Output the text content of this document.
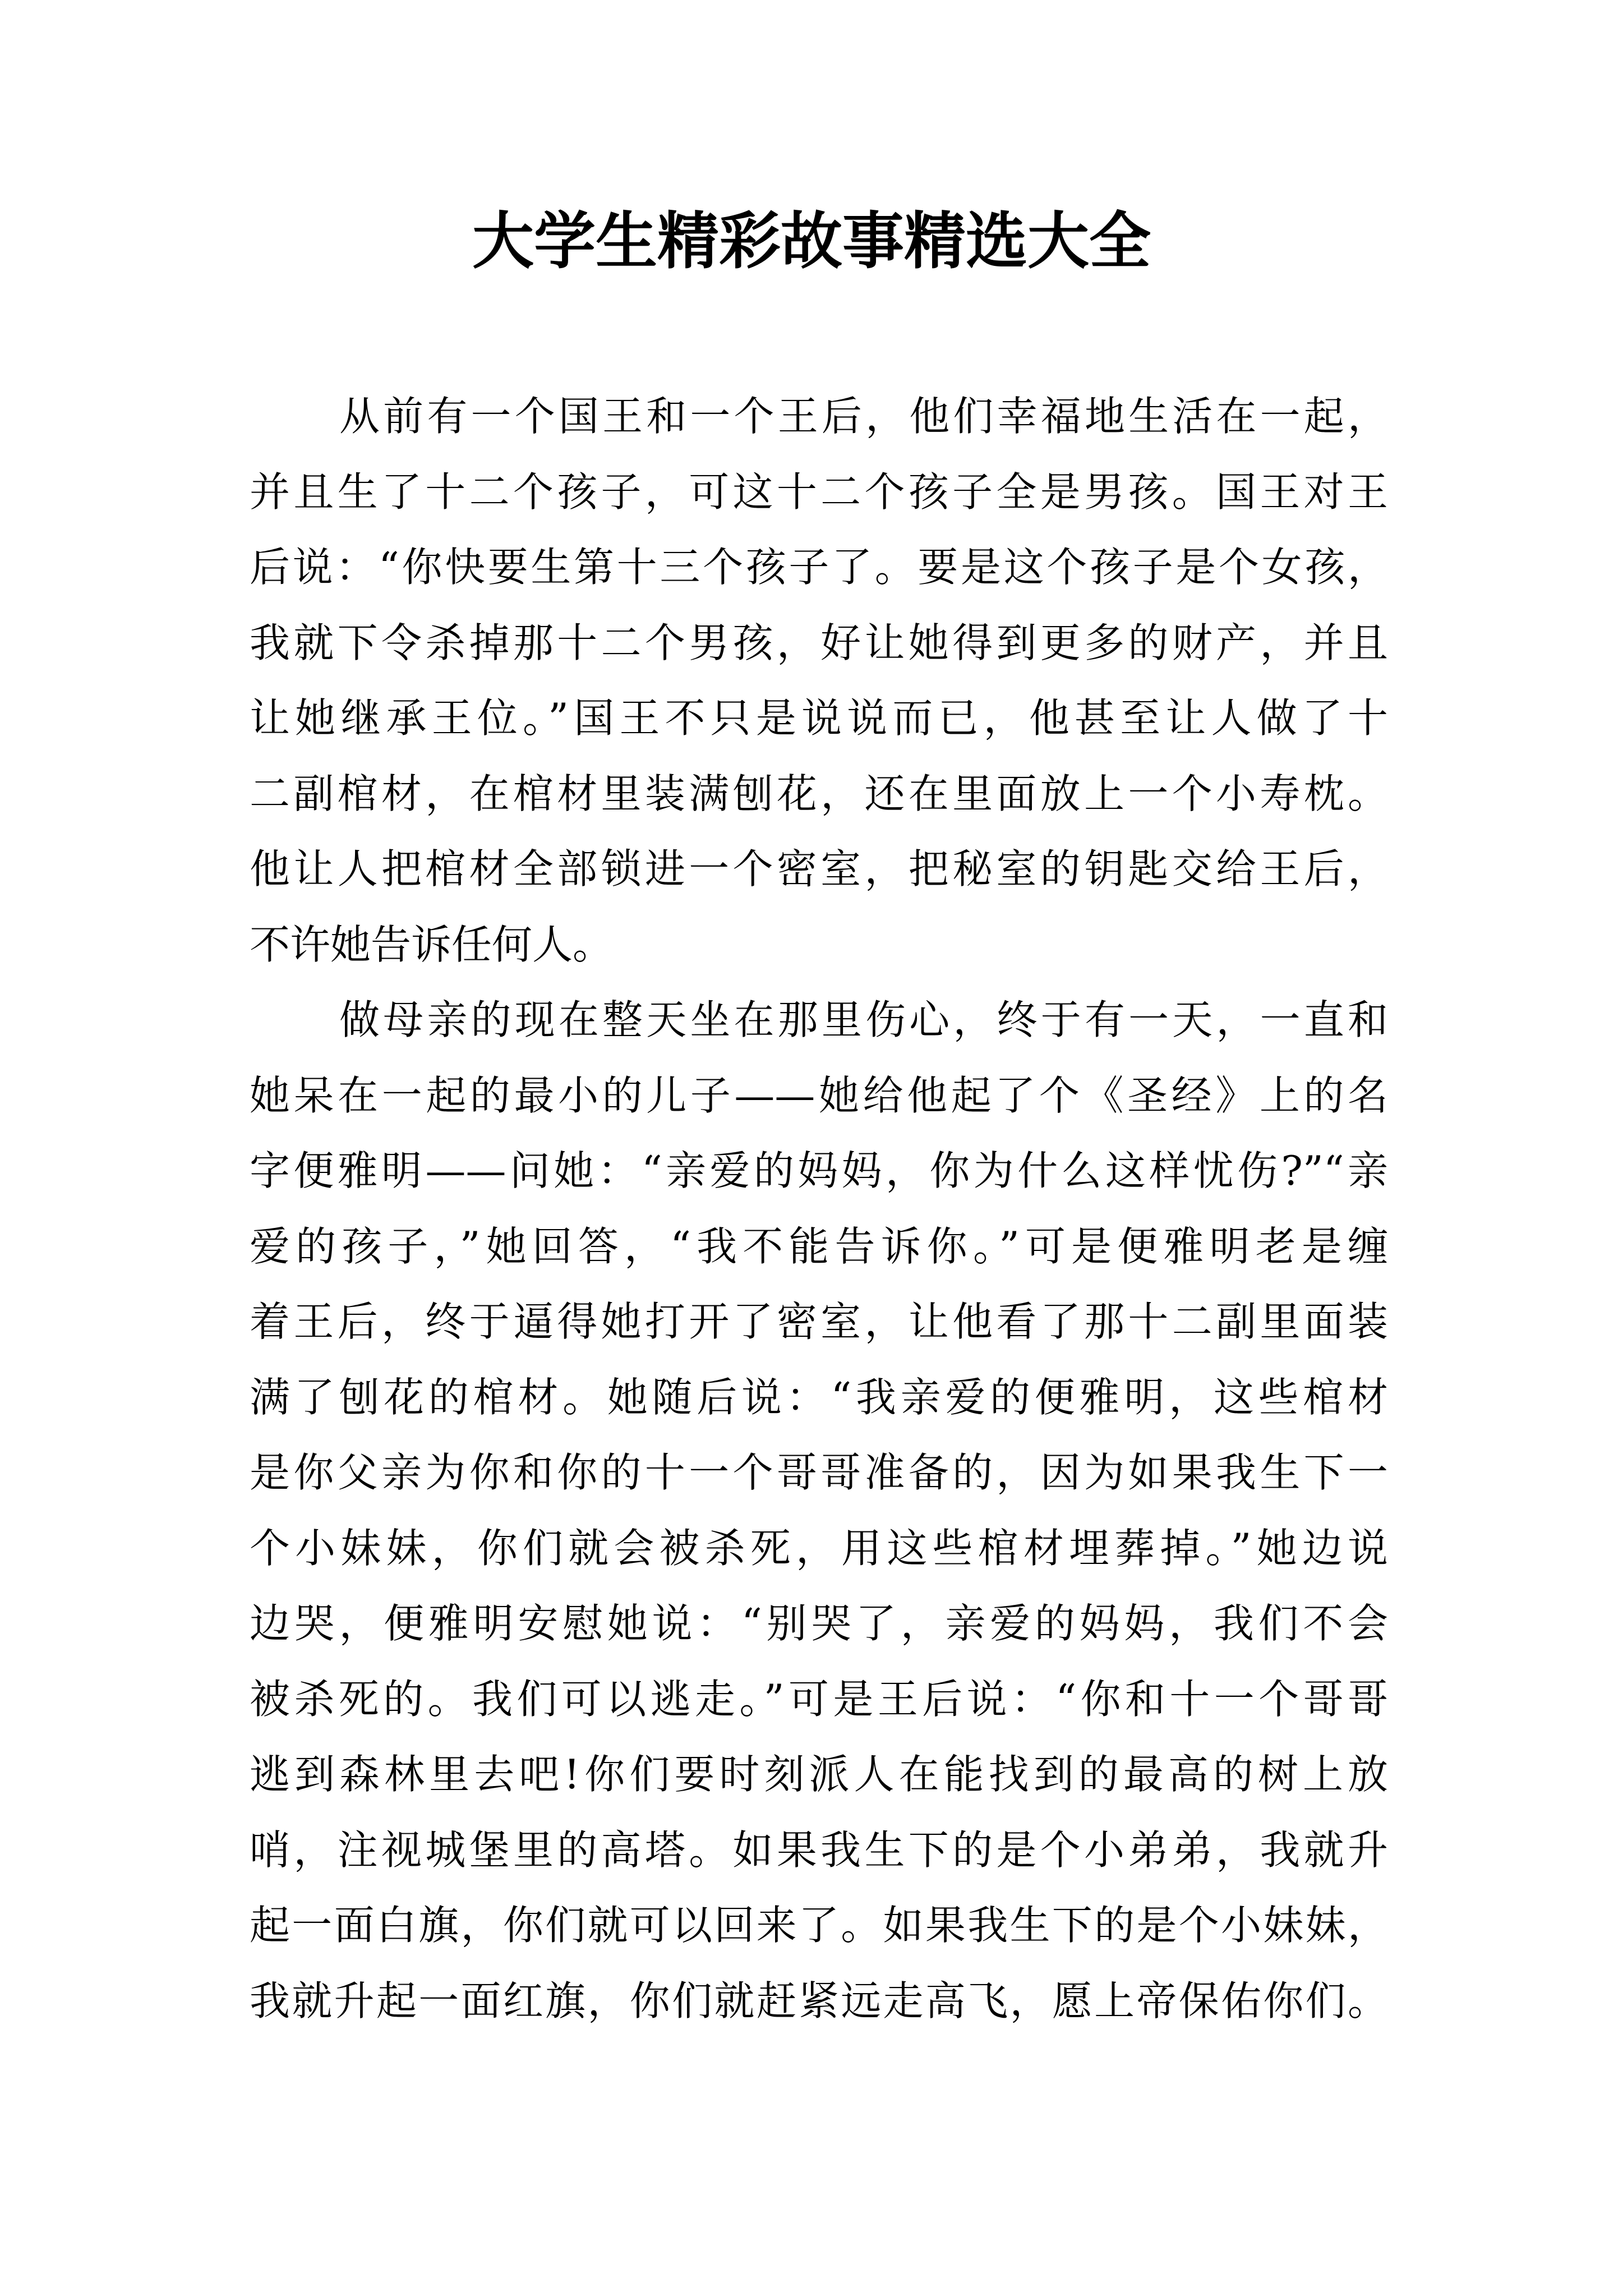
大学生精彩故事精选大全
从前有一个国王和一个王后，他们幸福地生活在一起，
并且生了十二个孩子，可这十二个孩子全是男孩。国王对王
后说：“你快要生第十三个孩子了。要是这个孩子是个女孩，
我就下令杀掉那十二个男孩，好让她得到更多的财产，并且
让她继承王位。”国王不只是说说而已，他甚至让人做了十
二副棺材，在棺材里装满刨花，还在里面放上一个小寿枕。
他让人把棺材全部锁进一个密室，把秘室的钥匙交给王后，
不许她告诉任何人。
做母亲的现在整天坐在那里伤心，终于有一天，一直和
她呆在一起的最小的儿子——她给他起了个《圣经》上的名
字便雅明——问她：“亲爱的妈妈，你为什么这样忧伤?”“亲
爱的孩子，”她回答，“我不能告诉你。”可是便雅明老是缠
着王后，终于逼得她打开了密室，让他看了那十二副里面装
满了刨花的棺材。她随后说：“我亲爱的便雅明，这些棺材
是你父亲为你和你的十一个哥哥准备的，因为如果我生下一
个小妹妹，你们就会被杀死，用这些棺材埋葬掉。”她边说
边哭，便雅明安慰她说：“别哭了，亲爱的妈妈，我们不会
被杀死的。我们可以逃走。”可是王后说：“你和十一个哥哥
逃到森林里去吧!你们要时刻派人在能找到的最高的树上放
哨，注视城堡里的高塔。如果我生下的是个小弟弟，我就升
起一面白旗，你们就可以回来了。如果我生下的是个小妹妹，
我就升起一面红旗，你们就赶紧远走高飞，愿上帝保佑你们。
